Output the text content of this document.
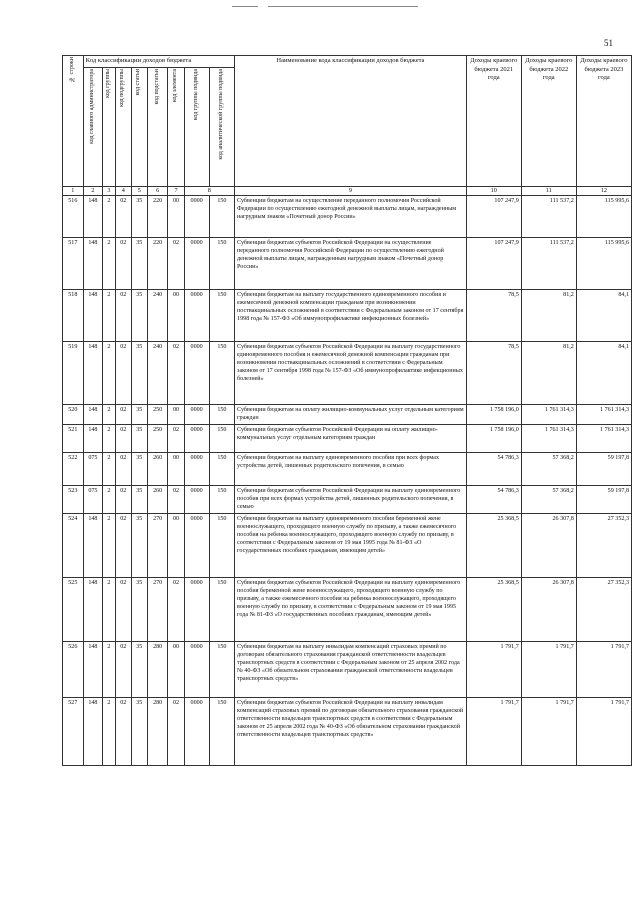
51
№ строки	Код классификации доходов бюджета								Наименование кода классификации доходов бюджета	Доходы краевого бюджета 2021 года	Доходы краевого бюджета 2022 года	Доходы краевого бюджета 2023 года
	код главного администратора	код группы	код подгруппы	код статьи	код подстатьи	код элемента	код группы подвида	код аналитической группы подвида				
1	2	3	4	5	6	7	8		9	10	11	12
516	148	2	02	35	220	00	0000	150	Субвенции бюджетам на осуществление переданного полномочия Российской Федерации по осуществлению ежегодной денежной выплаты лицам, награжденным нагрудным знаком «Почетный донор России»	107 247,9	111 537,2	115 995,6
517	148	2	02	35	220	02	0000	150	Субвенции бюджетам субъектов Российской Федерации на осуществление переданного полномочия Российской Федерации по осуществлению ежегодной денежной выплаты лицам, награжденным нагрудным знаком «Почетный донор России»	107 247,9	111 537,2	115 995,6
518	148	2	02	35	240	00	0000	150	Субвенции бюджетам на выплату государственного единовременного пособия и ежемесячной денежной компенсации гражданам при возникновении поствакцинальных осложнений в соответствии с Федеральным законом от 17 сентября 1998 года № 157-ФЗ «Об иммунопрофилактике инфекционных болезней»	78,5	81,2	84,1
519	148	2	02	35	240	02	0000	150	Субвенции бюджетам субъектов Российской Федерации на выплату государственного единовременного пособия и ежемесячной денежной компенсации гражданам при возникновении поствакцинальных осложнений в соответствии с Федеральным законом от 17 сентября 1998 года № 157-ФЗ «Об иммунопрофилактике инфекционных болезней»	78,5	81,2	84,1
520	148	2	02	35	250	00	0000	150	Субвенции бюджетам на оплату жилищно-коммунальных услуг отдельным категориям граждан	1 758 196,0	1 761 314,3	1 761 314,3
521	148	2	02	35	250	02	0000	150	Субвенции бюджетам субъектов Российской Федерации на оплату жилищно-коммунальных услуг отдельным категориям граждан	1 758 196,0	1 761 314,3	1 761 314,3
522	075	2	02	35	260	00	0000	150	Субвенции бюджетам на выплату единовременного пособия при всех формах устройства детей, лишенных родительского попечения, в семью	54 786,3	57 368,2	59 197,8
523	075	2	02	35	260	02	0000	150	Субвенции бюджетам субъектов Российской Федерации на выплату единовременного пособия при всех формах устройства детей, лишенных родительского попечения, в семью	54 786,3	57 368,2	59 197,8
524	148	2	02	35	270	00	0000	150	Субвенции бюджетам на выплату единовременного пособия беременной жене военнослужащего, проходящего военную службу по призыву, а также ежемесячного пособия на ребенка военнослужащего, проходящего военную службу по призыву, в соответствии с Федеральным законом от 19 мая 1995 года № 81-ФЗ «О государственных пособиях гражданам, имеющим детей»	25 368,5	26 307,8	27 352,3
525	148	2	02	35	270	02	0000	150	Субвенции бюджетам субъектов Российской Федерации на выплату единовременного пособия беременной жене военнослужащего, проходящего военную службу по призыву, а также ежемесячного пособия на ребенка военнослужащего, проходящего военную службу по призыву, в соответствии с Федеральным законом от 19 мая 1995 года № 81-ФЗ «О государственных пособиях гражданам, имеющим детей»	25 368,5	26 307,8	27 352,3
526	148	2	02	35	280	00	0000	150	Субвенции бюджетам на выплату инвалидам компенсаций страховых премий по договорам обязательного страхования гражданской ответственности владельцев транспортных средств в соответствии с Федеральным законом от 25 апреля 2002 года № 40-ФЗ «Об обязательном страховании гражданской ответственности владельцев транспортных средств»	1 791,7	1 791,7	1 791,7
527	148	2	02	35	280	02	0000	150	Субвенции бюджетам субъектов Российской Федерации на выплату инвалидам компенсаций страховых премий по договорам обязательного страхования гражданской ответственности владельцев транспортных средств в соответствии с Федеральным законом от 25 апреля 2002 года № 40-ФЗ «Об обязательном страховании гражданской ответственности владельцев транспортных средств»	1 791,7	1 791,7	1 791,7
